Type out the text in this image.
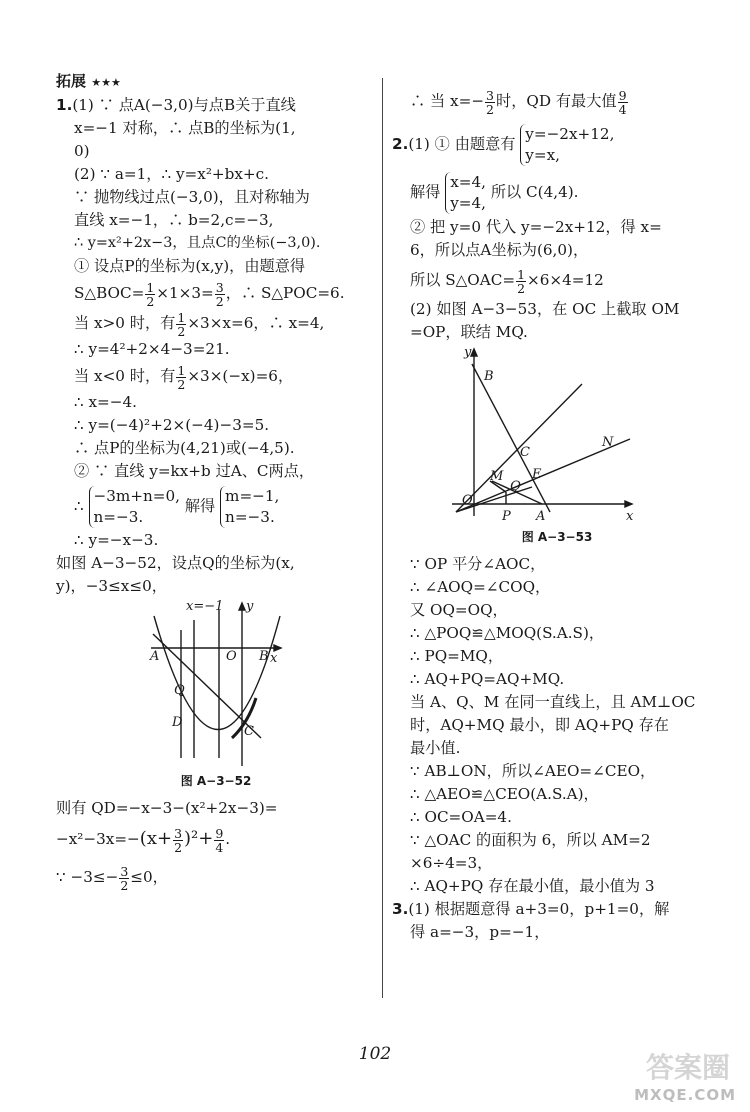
拓展 ★★★
1.(1) ∵ 点A(−3,0)与点B关于直线
x=−1 对称，∴ 点B的坐标为(1,
0)
(2) ∵ a=1，∴ y=x²+bx+c.
∵ 抛物线过点(−3,0)，且对称轴为
直线 x=−1，∴ b=2,c=−3,
∴ y=x²+2x−3，且点C的坐标(−3,0).
① 设点P的坐标为(x,y)，由题意得
S△BOC= $\frac{1}{2} \times 1\times 3= \frac{3}{2}$ ，∴ S△POC=6.
当 x>0 时，有 $\frac{1}{2} \times 3\times x=6$，∴ x=4,
∴ y=4²+2×4−3=21.
当 x<0 时，有 $\frac{1}{2} \times 3\times(-x)=6$，
∴ x=−4.
∴ y=(−4)²+2×(−4)−3=5.
∴ 点P的坐标为(4,21)或(−4,5).
② ∵ 直线 y=kx+b 过A、C两点，
∴ −3m+n=0,
n=−3. 解得 m=−1,
n=−3.
∴ y=−x−3.
如图 A−3−52，设点Q的坐标为(x,
y)，−3≤x≤0，
x=−1 y
x
A	O B
Q
D
C
图 A−3−52
则有 QD=−x−3−(x²+2x−3)=
$-x^2-3x=-(x+ \frac{3}{2} )^2+ \frac{9}{4}$ .
∵ $-3\le- \frac{3}{2} \le 0$，
∴ 当 $x=- \frac{3}{2}$ 时，QD 有最大值 $\frac{9}{4}$
2.(1) ① 由题意有 y=−2x+12,
y=x,
解得 x=4,
y=4, 所以 C(4,4).
② 把 y=0 代入 y=−2x+12，得 x=
6，所以点A坐标为(6,0)，
所以 S△OAC= $\frac{1}{2} \times 6\times 4=12$
(2) 如图 A−3−53，在 OC 上截取 OM
=OP，联结 MQ.
y
x
B
C
N
M E
Q
O
P A
图 A−3−53
∵ OP 平分∠AOC，
∴ ∠AOQ=∠COQ，
又 OQ=OQ，
∴ △POQ≌△MOQ(S.A.S)，
∴ PQ=MQ，
∴ AQ+PQ=AQ+MQ.
当 A、Q、M 在同一直线上，且 AM⊥OC
时，AQ+MQ 最小，即 AQ+PQ 存在
最小值.
∵ AB⊥ON，所以∠AEO=∠CEO，
∴ △AEO≌△CEO(A.S.A)，
∴ OC=OA=4.
∵ △OAC 的面积为 6，所以 AM=2
×6÷4=3，
∴ AQ+PQ 存在最小值，最小值为 3
3.(1) 根据题意得 a+3=0，p+1=0，解
得 a=−3，p=−1，
102	答案圈
MXQE.COM
